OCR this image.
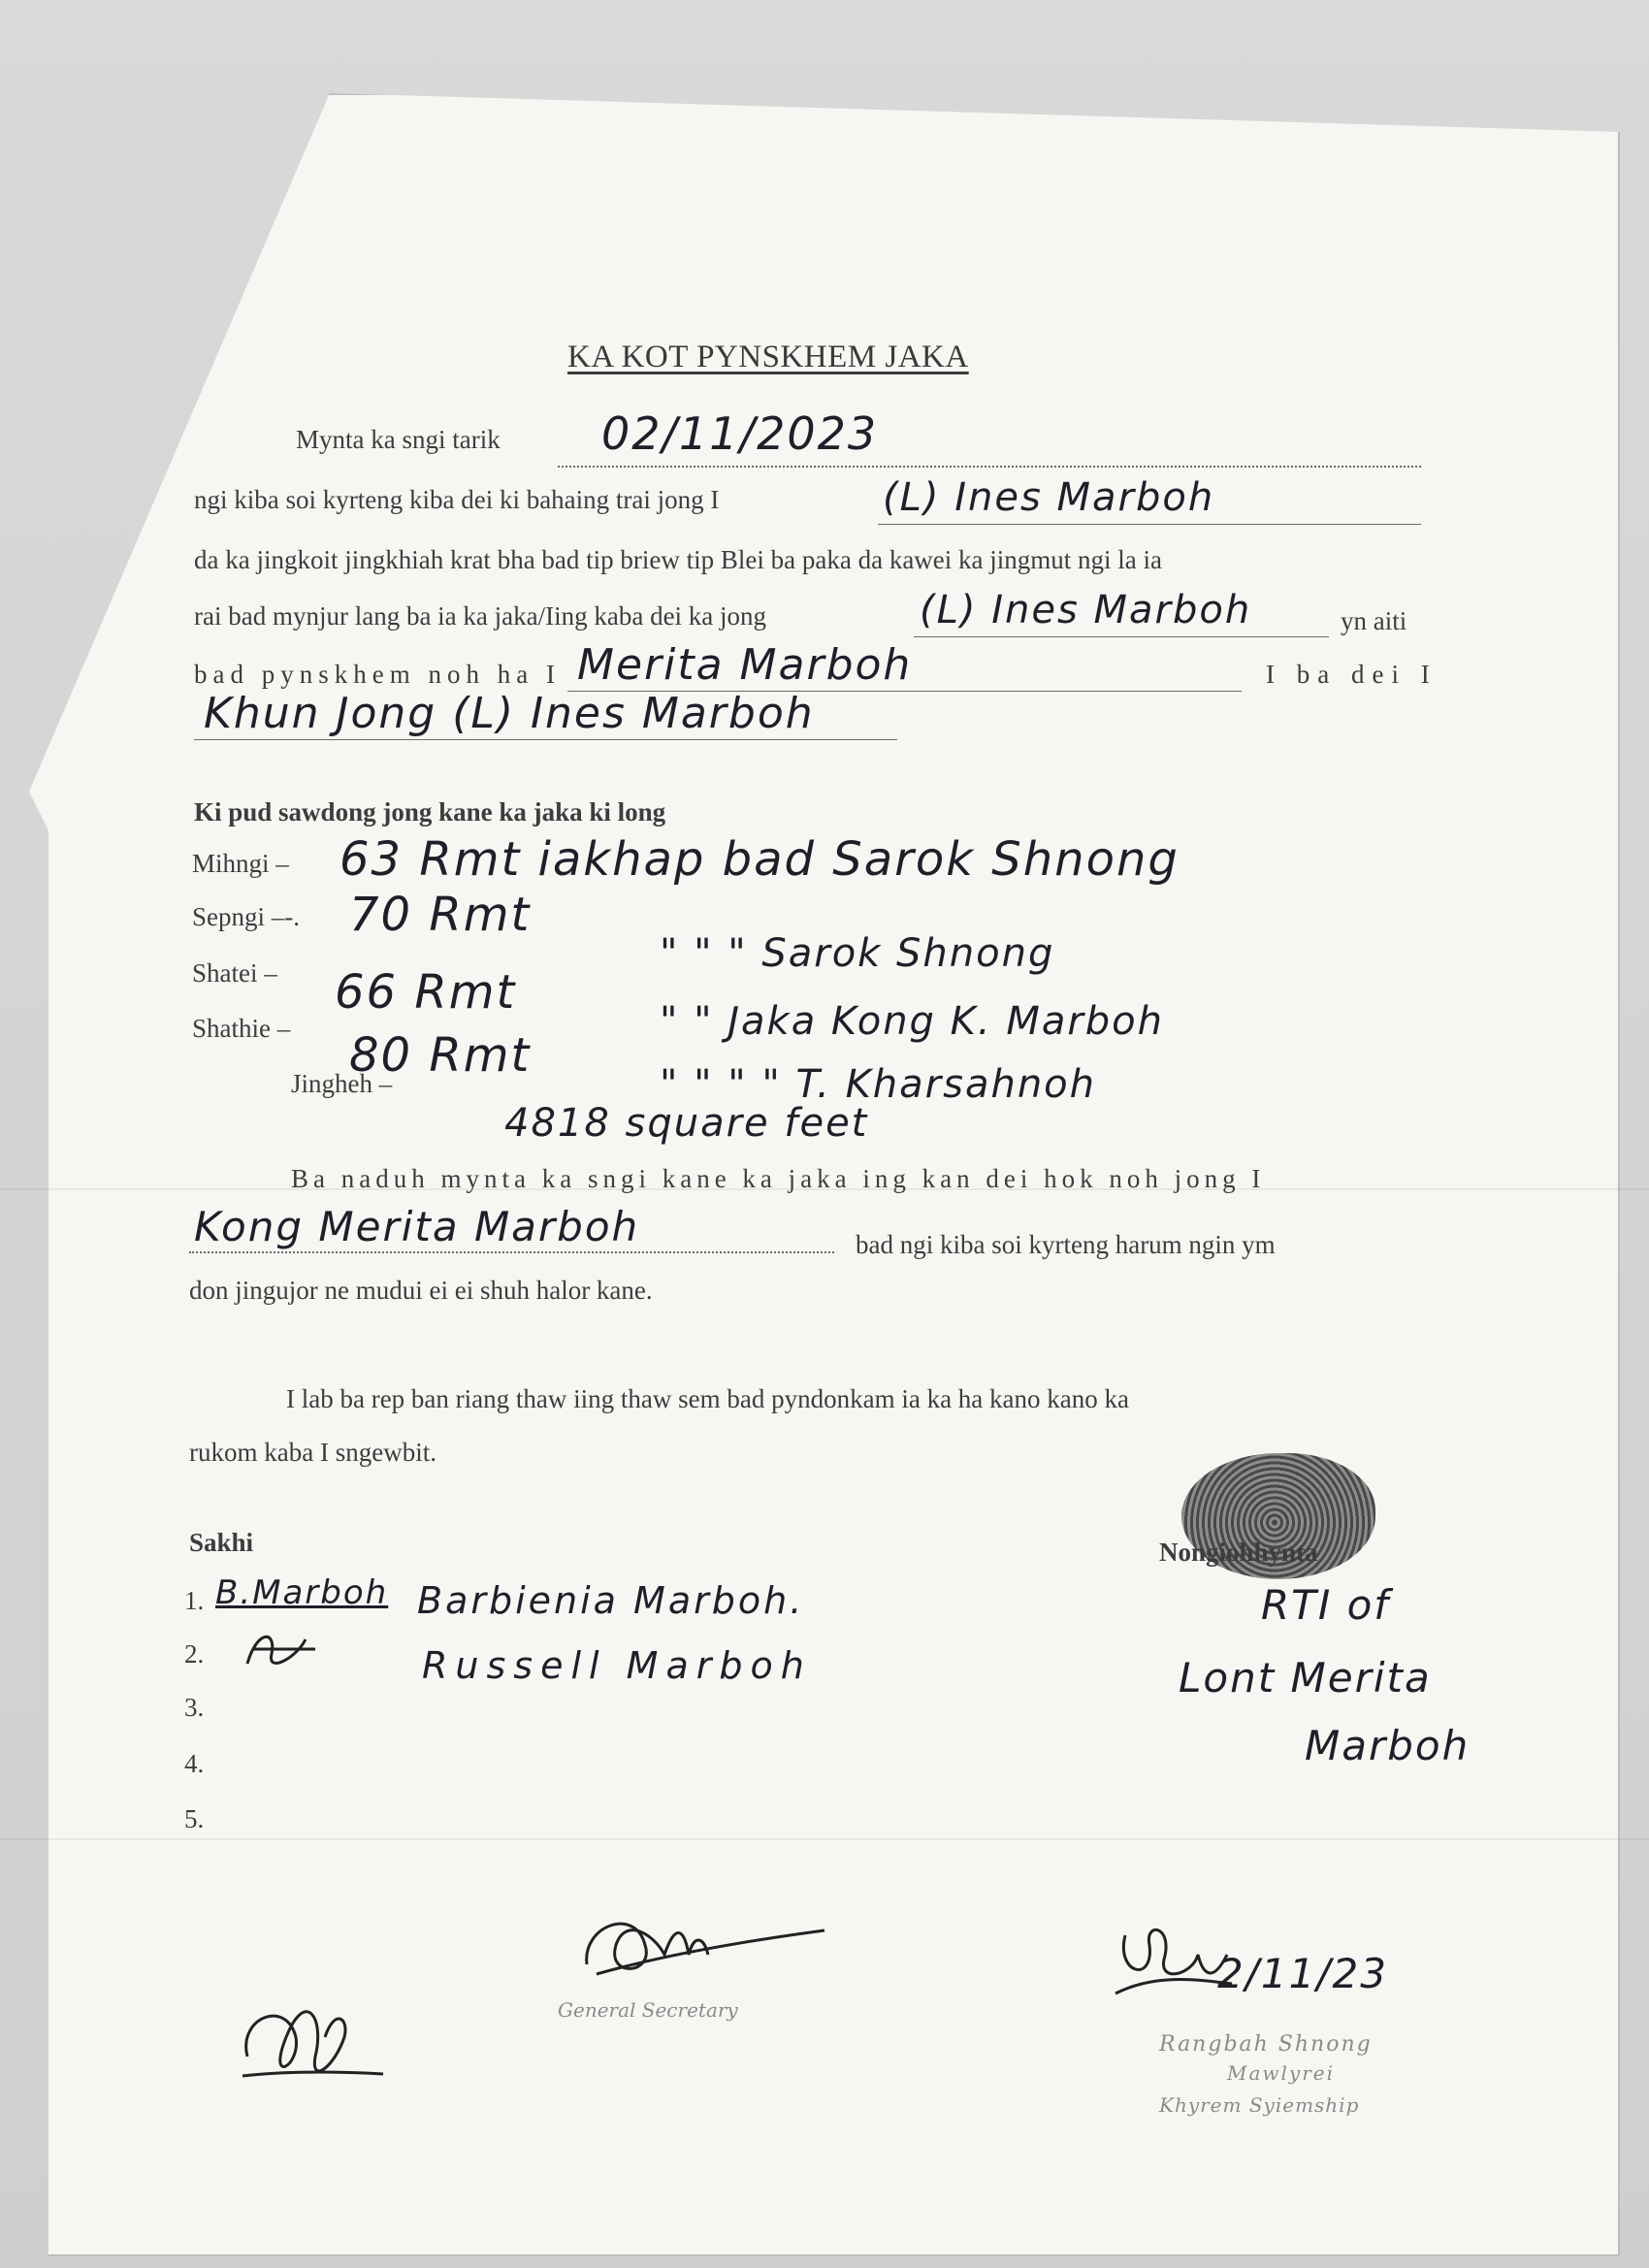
KA KOT PYNSKHEM JAKA
Mynta ka sngi tarik 02/11/2023
ngi kiba soi kyrteng kiba dei ki bahaing trai jong I	(L) Ines Marboh
da ka jingkoit jingkhiah krat bha bad tip briew tip Blei ba paka da kawei ka jingmut ngi la ia
rai bad mynjur lang ba ia ka jaka/Iing kaba dei ka jong	(L) Ines Marboh	yn aiti
bad pynskhem noh ha I Merita Marboh	I ba dei I
Khun Jong (L) Ines Marboh
Ki pud sawdong jong kane ka jaka ki long
Mihngi – 63 Rmt iakhap bad Sarok Shnong
Sepngi –-. 70 Rmt
" " " Sarok Shnong
Shatei – 66 Rmt
" " Jaka Kong K. Marboh
Shathie – 80 Rmt
" " " " T. Kharsahnoh
Jingheh –
4818 square feet
Ba naduh mynta ka sngi kane ka jaka ing kan dei hok noh jong I
Kong Merita Marboh	bad ngi kiba soi kyrteng harum ngin ym
don jingujor ne mudui ei ei shuh halor kane.
I lab ba rep ban riang thaw iing thaw sem bad pyndonkam ia ka ha kano kano ka
rukom kaba I sngewbit.
Sakhi
1.
2.
3.
4.
5.
B.Marboh Barbienia Marboh.
Russell Marboh
Nongiohhynta
RTI of
Lont Merita
Marboh
General Secretary
2/11/23
Rangbah Shnong
Mawlyrei
Khyrem Syiemship
